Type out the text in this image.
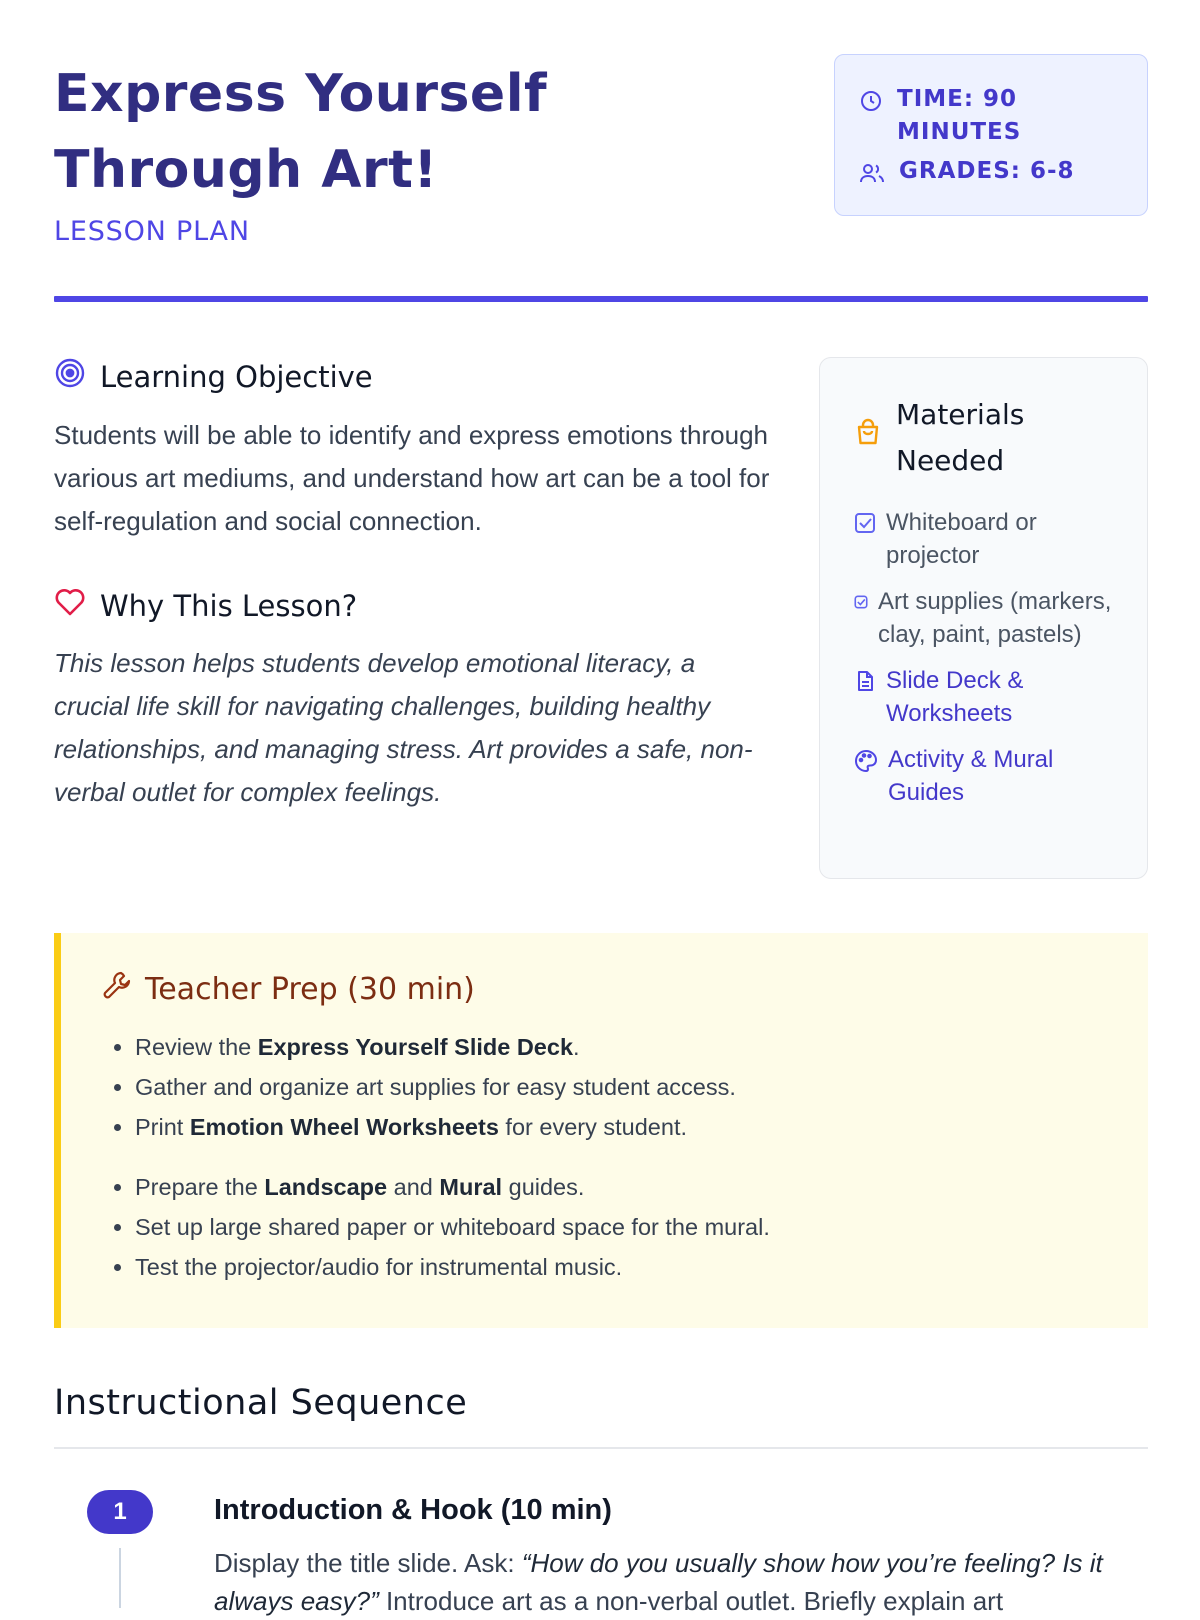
Express Yourself Through Art!
LESSON PLAN
TIME: 90 MINUTES
GRADES: 6-8
Learning Objective

Students will be able to identify and express emotions through various art mediums, and understand how art can be a tool for self-regulation and social connection.

Why This Lesson?

This lesson helps students develop emotional literacy, a crucial life skill for navigating challenges, building healthy relationships, and managing stress. Art provides a safe, non-verbal outlet for complex feelings.

Materials Needed
Whiteboard or projector
Art supplies (markers, clay, paint, pastels)
Slide Deck & Worksheets
Activity & Mural Guides
Teacher Prep (30 min)
• Review the Express Yourself Slide Deck.
• Gather and organize art supplies for easy student access.
• Print Emotion Wheel Worksheets for every student.
• Prepare the Landscape and Mural guides.
• Set up large shared paper or whiteboard space for the mural.
• Test the projector/audio for instrumental music.
Instructional Sequence
1	Introduction & Hook (10 min)
Display the title slide. Ask: “How do you usually show how you’re feeling? Is it always easy?” Introduce art as a non-verbal outlet. Briefly explain art
